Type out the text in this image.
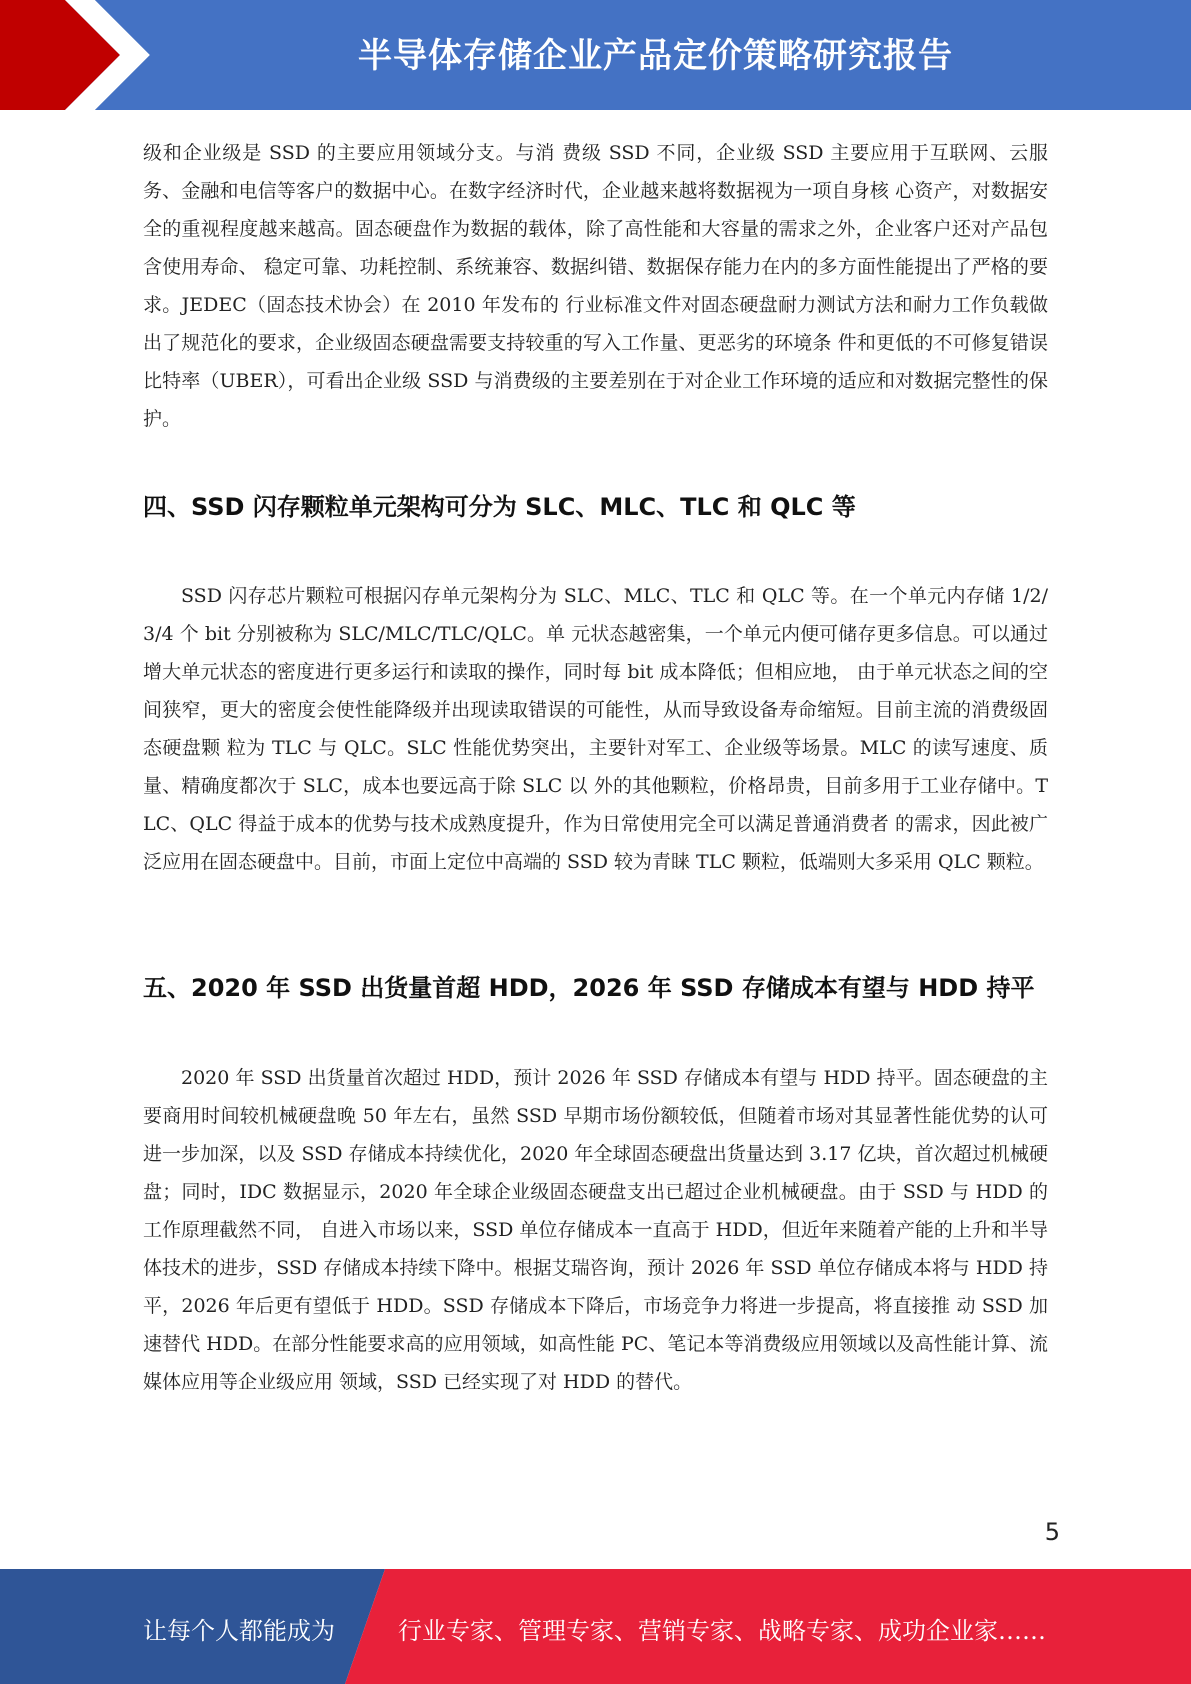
半导体存储企业产品定价策略研究报告

级和企业级是 SSD 的主要应用领域分支。与消 费级 SSD 不同，企业级 SSD 主要应用于互联网、云服务、金融和电信等客户的数据中心。在数字经济时代，企业越来越将数据视为一项自身核 心资产，对数据安全的重视程度越来越高。固态硬盘作为数据的载体，除了高性能和大容量的需求之外，企业客户还对产品包含使用寿命、 稳定可靠、功耗控制、系统兼容、数据纠错、数据保存能力在内的多方面性能提出了严格的要求。JEDEC（固态技术协会）在 2010 年发布的 行业标准文件对固态硬盘耐力测试方法和耐力工作负载做出了规范化的要求，企业级固态硬盘需要支持较重的写入工作量、更恶劣的环境条 件和更低的不可修复错误比特率（UBER），可看出企业级 SSD 与消费级的主要差别在于对企业工作环境的适应和对数据完整性的保护。

四、SSD 闪存颗粒单元架构可分为 SLC、MLC、TLC 和 QLC 等

SSD 闪存芯片颗粒可根据闪存单元架构分为 SLC、MLC、TLC 和 QLC 等。在一个单元内存储 1/2/3/4 个 bit 分别被称为 SLC/MLC/TLC/QLC。单 元状态越密集，一个单元内便可储存更多信息。可以通过增大单元状态的密度进行更多运行和读取的操作，同时每 bit 成本降低；但相应地， 由于单元状态之间的空间狭窄，更大的密度会使性能降级并出现读取错误的可能性，从而导致设备寿命缩短。目前主流的消费级固态硬盘颗 粒为 TLC 与 QLC。SLC 性能优势突出，主要针对军工、企业级等场景。MLC 的读写速度、质量、精确度都次于 SLC，成本也要远高于除 SLC 以 外的其他颗粒，价格昂贵，目前多用于工业存储中。TLC、QLC 得益于成本的优势与技术成熟度提升，作为日常使用完全可以满足普通消费者 的需求，因此被广泛应用在固态硬盘中。目前，市面上定位中高端的 SSD 较为青睐 TLC 颗粒，低端则大多采用 QLC 颗粒。

五、2020 年 SSD 出货量首超 HDD，2026 年 SSD 存储成本有望与 HDD 持平

2020 年 SSD 出货量首次超过 HDD，预计 2026 年 SSD 存储成本有望与 HDD 持平。固态硬盘的主要商用时间较机械硬盘晚 50 年左右，虽然 SSD 早期市场份额较低，但随着市场对其显著性能优势的认可进一步加深，以及 SSD 存储成本持续优化，2020 年全球固态硬盘出货量达到 3.17 亿块，首次超过机械硬盘；同时，IDC 数据显示，2020 年全球企业级固态硬盘支出已超过企业机械硬盘。由于 SSD 与 HDD 的工作原理截然不同， 自进入市场以来，SSD 单位存储成本一直高于 HDD，但近年来随着产能的上升和半导体技术的进步，SSD 存储成本持续下降中。根据艾瑞咨询，预计 2026 年 SSD 单位存储成本将与 HDD 持平，2026 年后更有望低于 HDD。SSD 存储成本下降后，市场竞争力将进一步提高，将直接推 动 SSD 加速替代 HDD。在部分性能要求高的应用领域，如高性能 PC、笔记本等消费级应用领域以及高性能计算、流媒体应用等企业级应用 领域，SSD 已经实现了对 HDD 的替代。

5
让每个人都能成为	行业专家、管理专家、营销专家、战略专家、成功企业家……
